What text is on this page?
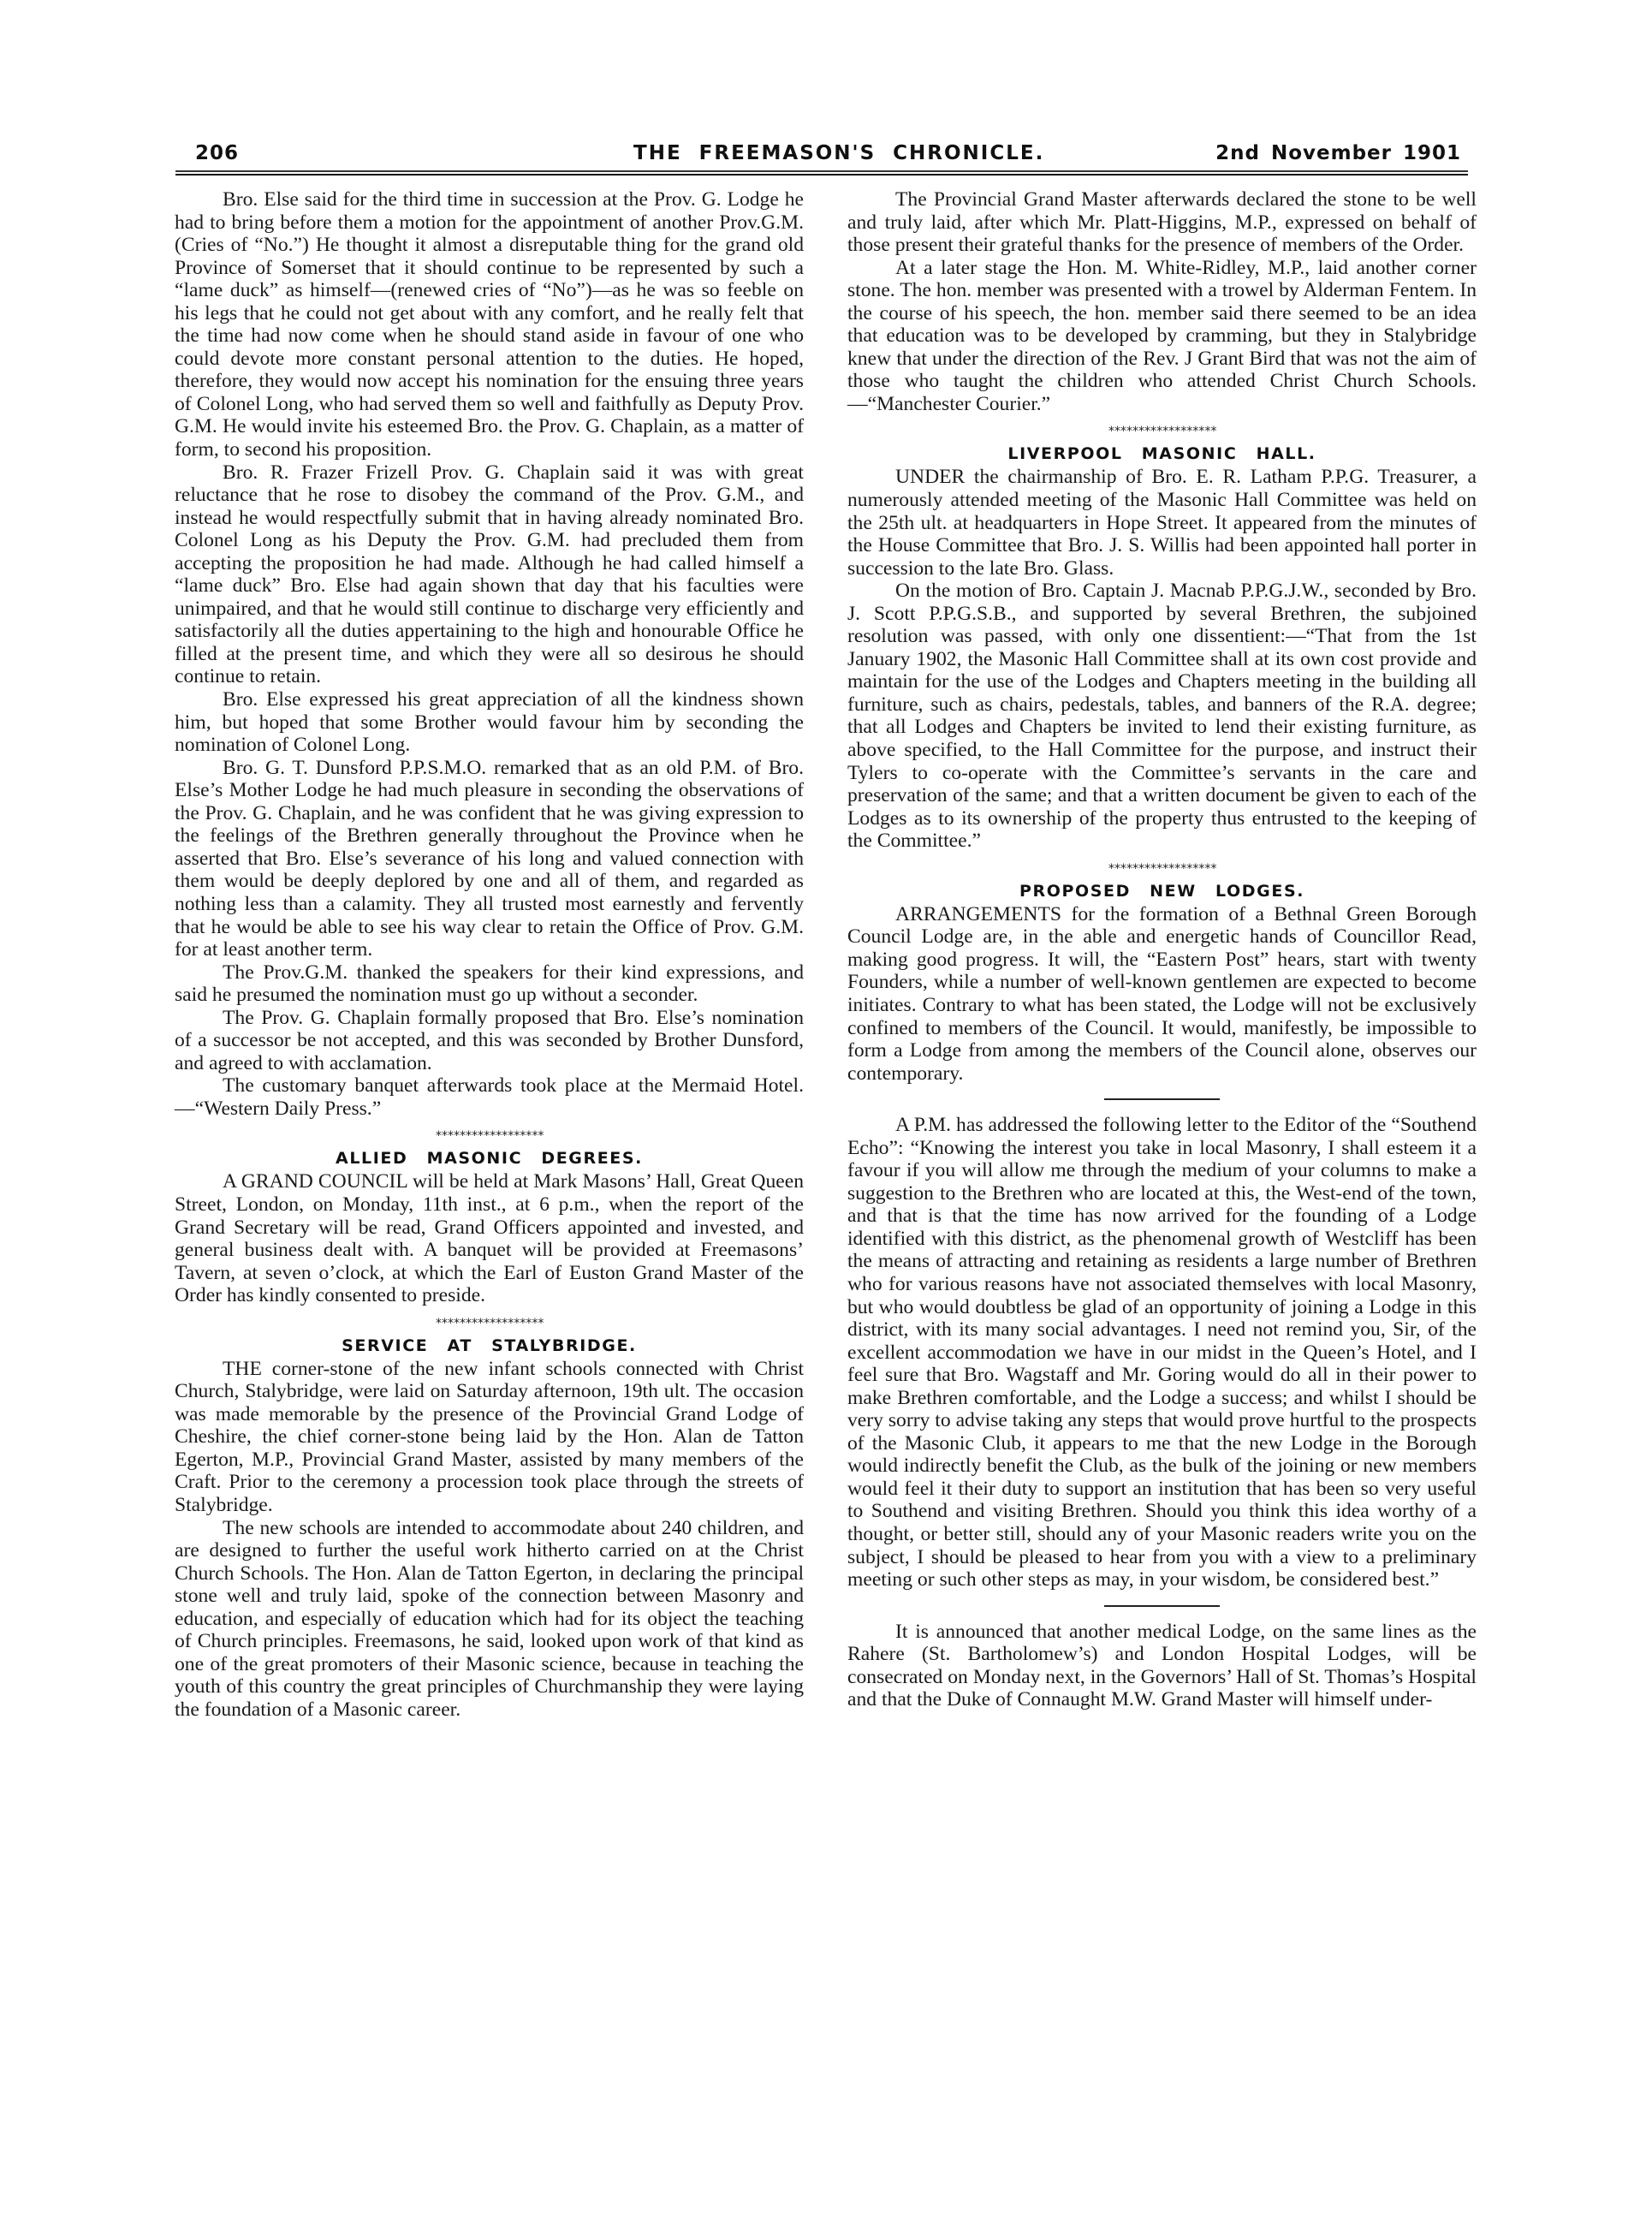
206	THE FREEMASON'S CHRONICLE.	2nd November 1901

Bro. Else said for the third time in succession at the Prov. G. Lodge he had to bring before them a motion for the appointment of another Prov.G.M. (Cries of “No.”) He thought it almost a disreputable thing for the grand old Province of Somerset that it should continue to be represented by such a “lame duck” as himself—(renewed cries of “No”)—as he was so feeble on his legs that he could not get about with any comfort, and he really felt that the time had now come when he should stand aside in favour of one who could devote more constant personal attention to the duties. He hoped, therefore, they would now accept his nomination for the ensuing three years of Colonel Long, who had served them so well and faithfully as Deputy Prov. G.M. He would invite his esteemed Bro. the Prov. G. Chaplain, as a matter of form, to second his proposition.

Bro. R. Frazer Frizell Prov. G. Chaplain said it was with great reluctance that he rose to disobey the command of the Prov. G.M., and instead he would respectfully submit that in having already nominated Bro. Colonel Long as his Deputy the Prov. G.M. had precluded them from accepting the proposition he had made. Although he had called himself a “lame duck” Bro. Else had again shown that day that his faculties were unimpaired, and that he would still continue to discharge very efficiently and satisfactorily all the duties appertaining to the high and honourable Office he filled at the present time, and which they were all so desirous he should continue to retain.

Bro. Else expressed his great appreciation of all the kindness shown him, but hoped that some Brother would favour him by seconding the nomination of Colonel Long.

Bro. G. T. Dunsford P.P.S.M.O. remarked that as an old P.M. of Bro. Else’s Mother Lodge he had much pleasure in seconding the observations of the Prov. G. Chaplain, and he was confident that he was giving expression to the feelings of the Brethren generally throughout the Province when he asserted that Bro. Else’s severance of his long and valued connection with them would be deeply deplored by one and all of them, and regarded as nothing less than a calamity. They all trusted most earnestly and fervently that he would be able to see his way clear to retain the Office of Prov. G.M. for at least another term.

The Prov.G.M. thanked the speakers for their kind expressions, and said he presumed the nomination must go up without a seconder.

The Prov. G. Chaplain formally proposed that Bro. Else’s nomination of a successor be not accepted, and this was seconded by Brother Dunsford, and agreed to with acclamation.

The customary banquet afterwards took place at the Mermaid Hotel.—“Western Daily Press.”

******************
ALLIED MASONIC DEGREES.

A GRAND COUNCIL will be held at Mark Masons’ Hall, Great Queen Street, London, on Monday, 11th inst., at 6 p.m., when the report of the Grand Secretary will be read, Grand Officers appointed and invested, and general business dealt with. A banquet will be provided at Freemasons’ Tavern, at seven o’clock, at which the Earl of Euston Grand Master of the Order has kindly consented to preside.

******************
SERVICE AT STALYBRIDGE.

THE corner-stone of the new infant schools connected with Christ Church, Stalybridge, were laid on Saturday afternoon, 19th ult. The occasion was made memorable by the presence of the Provincial Grand Lodge of Cheshire, the chief corner-stone being laid by the Hon. Alan de Tatton Egerton, M.P., Provincial Grand Master, assisted by many members of the Craft. Prior to the ceremony a procession took place through the streets of Stalybridge.

The new schools are intended to accommodate about 240 children, and are designed to further the useful work hitherto carried on at the Christ Church Schools. The Hon. Alan de Tatton Egerton, in declaring the principal stone well and truly laid, spoke of the connection between Masonry and education, and especially of education which had for its object the teaching of Church principles. Freemasons, he said, looked upon work of that kind as one of the great promoters of their Masonic science, because in teaching the youth of this country the great principles of Churchmanship they were laying the foundation of a Masonic career.

The Provincial Grand Master afterwards declared the stone to be well and truly laid, after which Mr. Platt-Higgins, M.P., expressed on behalf of those present their grateful thanks for the presence of members of the Order.

At a later stage the Hon. M. White-Ridley, M.P., laid another corner stone. The hon. member was presented with a trowel by Alderman Fentem. In the course of his speech, the hon. member said there seemed to be an idea that education was to be developed by cramming, but they in Stalybridge knew that under the direction of the Rev. J Grant Bird that was not the aim of those who taught the children who attended Christ Church Schools.—“Manchester Courier.”

******************
LIVERPOOL MASONIC HALL.

UNDER the chairmanship of Bro. E. R. Latham P.P.G. Treasurer, a numerously attended meeting of the Masonic Hall Committee was held on the 25th ult. at headquarters in Hope Street. It appeared from the minutes of the House Committee that Bro. J. S. Willis had been appointed hall porter in succession to the late Bro. Glass.

On the motion of Bro. Captain J. Macnab P.P.G.J.W., seconded by Bro. J. Scott P.P.G.S.B., and supported by several Brethren, the subjoined resolution was passed, with only one dissentient:—“That from the 1st January 1902, the Masonic Hall Committee shall at its own cost provide and maintain for the use of the Lodges and Chapters meeting in the building all furniture, such as chairs, pedestals, tables, and banners of the R.A. degree; that all Lodges and Chapters be invited to lend their existing furniture, as above specified, to the Hall Committee for the purpose, and instruct their Tylers to co-operate with the Committee’s servants in the care and preservation of the same; and that a written document be given to each of the Lodges as to its ownership of the property thus entrusted to the keeping of the Committee.”

******************
PROPOSED NEW LODGES.

ARRANGEMENTS for the formation of a Bethnal Green Borough Council Lodge are, in the able and energetic hands of Councillor Read, making good progress. It will, the “Eastern Post” hears, start with twenty Founders, while a number of well-known gentlemen are expected to become initiates. Contrary to what has been stated, the Lodge will not be exclusively confined to members of the Council. It would, manifestly, be impossible to form a Lodge from among the members of the Council alone, observes our contemporary.

A P.M. has addressed the following letter to the Editor of the “Southend Echo”: “Knowing the interest you take in local Masonry, I shall esteem it a favour if you will allow me through the medium of your columns to make a suggestion to the Brethren who are located at this, the West-end of the town, and that is that the time has now arrived for the founding of a Lodge identified with this district, as the phenomenal growth of Westcliff has been the means of attracting and retaining as residents a large number of Brethren who for various reasons have not associated themselves with local Masonry, but who would doubtless be glad of an opportunity of joining a Lodge in this district, with its many social advantages. I need not remind you, Sir, of the excellent accommodation we have in our midst in the Queen’s Hotel, and I feel sure that Bro. Wagstaff and Mr. Goring would do all in their power to make Brethren comfortable, and the Lodge a success; and whilst I should be very sorry to advise taking any steps that would prove hurtful to the prospects of the Masonic Club, it appears to me that the new Lodge in the Borough would indirectly benefit the Club, as the bulk of the joining or new members would feel it their duty to support an institution that has been so very useful to Southend and visiting Brethren. Should you think this idea worthy of a thought, or better still, should any of your Masonic readers write you on the subject, I should be pleased to hear from you with a view to a preliminary meeting or such other steps as may, in your wisdom, be considered best.”

It is announced that another medical Lodge, on the same lines as the Rahere (St. Bartholomew’s) and London Hospital Lodges, will be consecrated on Monday next, in the Governors’ Hall of St. Thomas’s Hospital and that the Duke of Connaught M.W. Grand Master will himself under-
